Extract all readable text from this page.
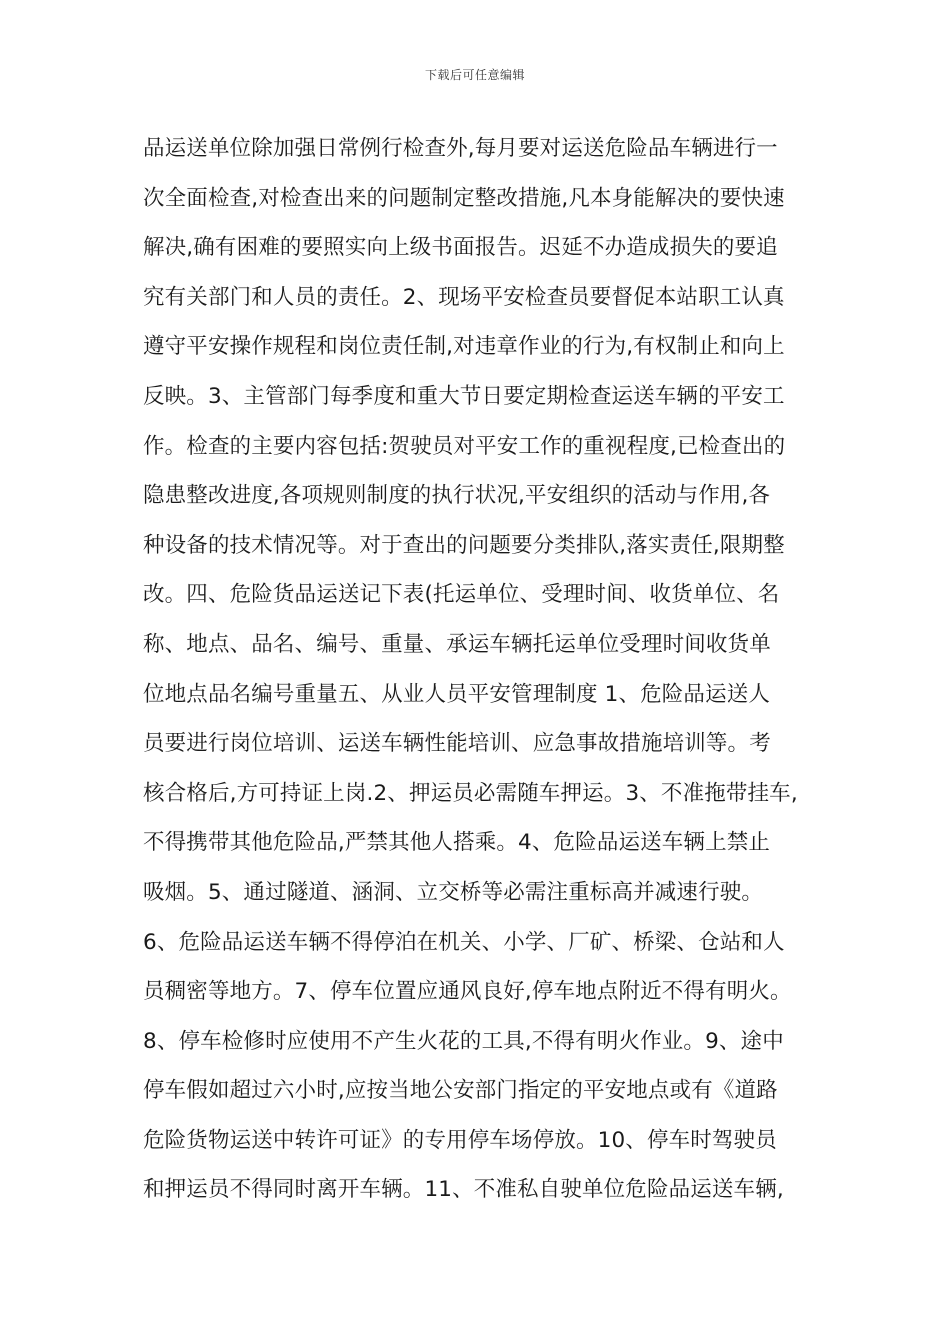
下载后可任意编辑
品运送单位除加强日常例行检查外,每月要对运送危险品车辆进行一
次全面检查,对检查出来的问题制定整改措施,凡本身能解决的要快速
解决,确有困难的要照实向上级书面报告。迟延不办造成损失的要追
究有关部门和人员的责任。2、现场平安检查员要督促本站职工认真
遵守平安操作规程和岗位责任制,对违章作业的行为,有权制止和向上
反映。3、主管部门每季度和重大节日要定期检查运送车辆的平安工
作。检查的主要内容包括:贺驶员对平安工作的重视程度,已检查出的
隐患整改进度,各项规则制度的执行状况,平安组织的活动与作用,各
种设备的技术情况等。对于查出的问题要分类排队,落实责任,限期整
改。四、危险货品运送记下表(托运单位、受理时间、收货单位、名
称、地点、品名、编号、重量、承运车辆托运单位受理时间收货单
位地点品名编号重量五、从业人员平安管理制度 1、危险品运送人
员要进行岗位培训、运送车辆性能培训、应急事故措施培训等。考
核合格后,方可持证上岗.2、押运员必需随车押运。3、不准拖带挂车,
不得携带其他危险品,严禁其他人搭乘。4、危险品运送车辆上禁止
吸烟。5、通过隧道、涵洞、立交桥等必需注重标高并减速行驶。
6、危险品运送车辆不得停泊在机关、小学、厂矿、桥梁、仓站和人
员稠密等地方。7、停车位置应通风良好,停车地点附近不得有明火。
8、停车检修时应使用不产生火花的工具,不得有明火作业。9、途中
停车假如超过六小时,应按当地公安部门指定的平安地点或有《道路
危险货物运送中转许可证》的专用停车场停放。10、停车时驾驶员
和押运员不得同时离开车辆。11、不准私自驶单位危险品运送车辆,
